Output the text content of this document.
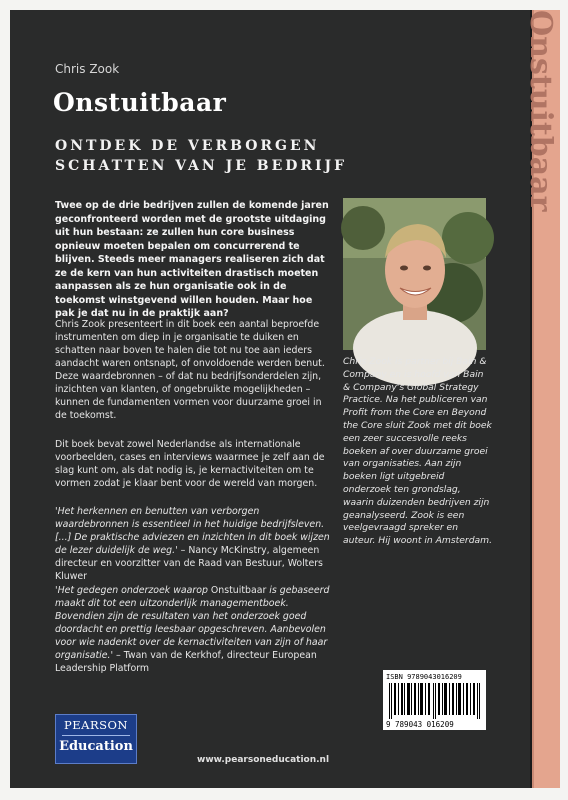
Onstuitbaar
Chris Zook
Onstuitbaar
ONTDEK DE VERBORGEN
SCHATTEN VAN JE BEDRIJF
Twee op de drie bedrijven zullen de komende jaren geconfronteerd worden met de grootste uitdaging uit hun bestaan: ze zullen hun core business opnieuw moeten bepalen om concurrerend te blijven. Steeds meer managers realiseren zich dat ze de kern van hun activiteiten drastisch moeten aanpassen als ze hun organisatie ook in de toekomst winstgevend willen houden. Maar hoe pak je dat nu in de praktijk aan?
Chris Zook presenteert in dit boek een aantal beproefde instrumenten om diep in je organisatie te duiken en schatten naar boven te halen die tot nu toe aan ieders aandacht waren ontsnapt, of onvoldoende werden benut. Deze waardebronnen – of dat nu bedrijfsonderdelen zijn, inzichten van klanten, of ongebruikte mogelijkheden – kunnen de fundamenten vormen voor duurzame groei in de toekomst.
Dit boek bevat zowel Nederlandse als internationale voorbeelden, cases en interviews waarmee je zelf aan de slag kunt om, als dat nodig is, je kernactiviteiten om te vormen zodat je klaar bent voor de wereld van morgen.
'Het herkennen en benutten van verborgen waardebronnen is essentieel in het huidige bedrijfsleven. [...] De praktische adviezen en inzichten in dit boek wijzen de lezer duidelijk de weg.' – Nancy McKinstry, algemeen directeur en voorzitter van de Raad van Bestuur, Wolters Kluwer
'Het gedegen onderzoek waarop Onstuitbaar is gebaseerd maakt dit tot een uitzonderlijk managementboek. Bovendien zijn de resultaten van het onderzoek goed doordacht en prettig leesbaar opgeschreven. Aanbevolen voor wie nadenkt over de kernactiviteiten van zijn of haar organisatie.' – Twan van de Kerkhof, directeur European Leadership Platform
Chris Zook is partner bij Bain & Company en is hoofd van Bain & Company's Global Strategy Practice. Na het publiceren van Profit from the Core en Beyond the Core sluit Zook met dit boek een zeer succesvolle reeks boeken af over duurzame groei van organisaties. Aan zijn boeken ligt uitgebreid onderzoek ten grondslag, waarin duizenden bedrijven zijn geanalyseerd. Zook is een veelgevraagd spreker en auteur. Hij woont in Amsterdam.
ISBN 9789043016209
9 789043 016209
PEARSON
Education
www.pearsoneducation.nl
